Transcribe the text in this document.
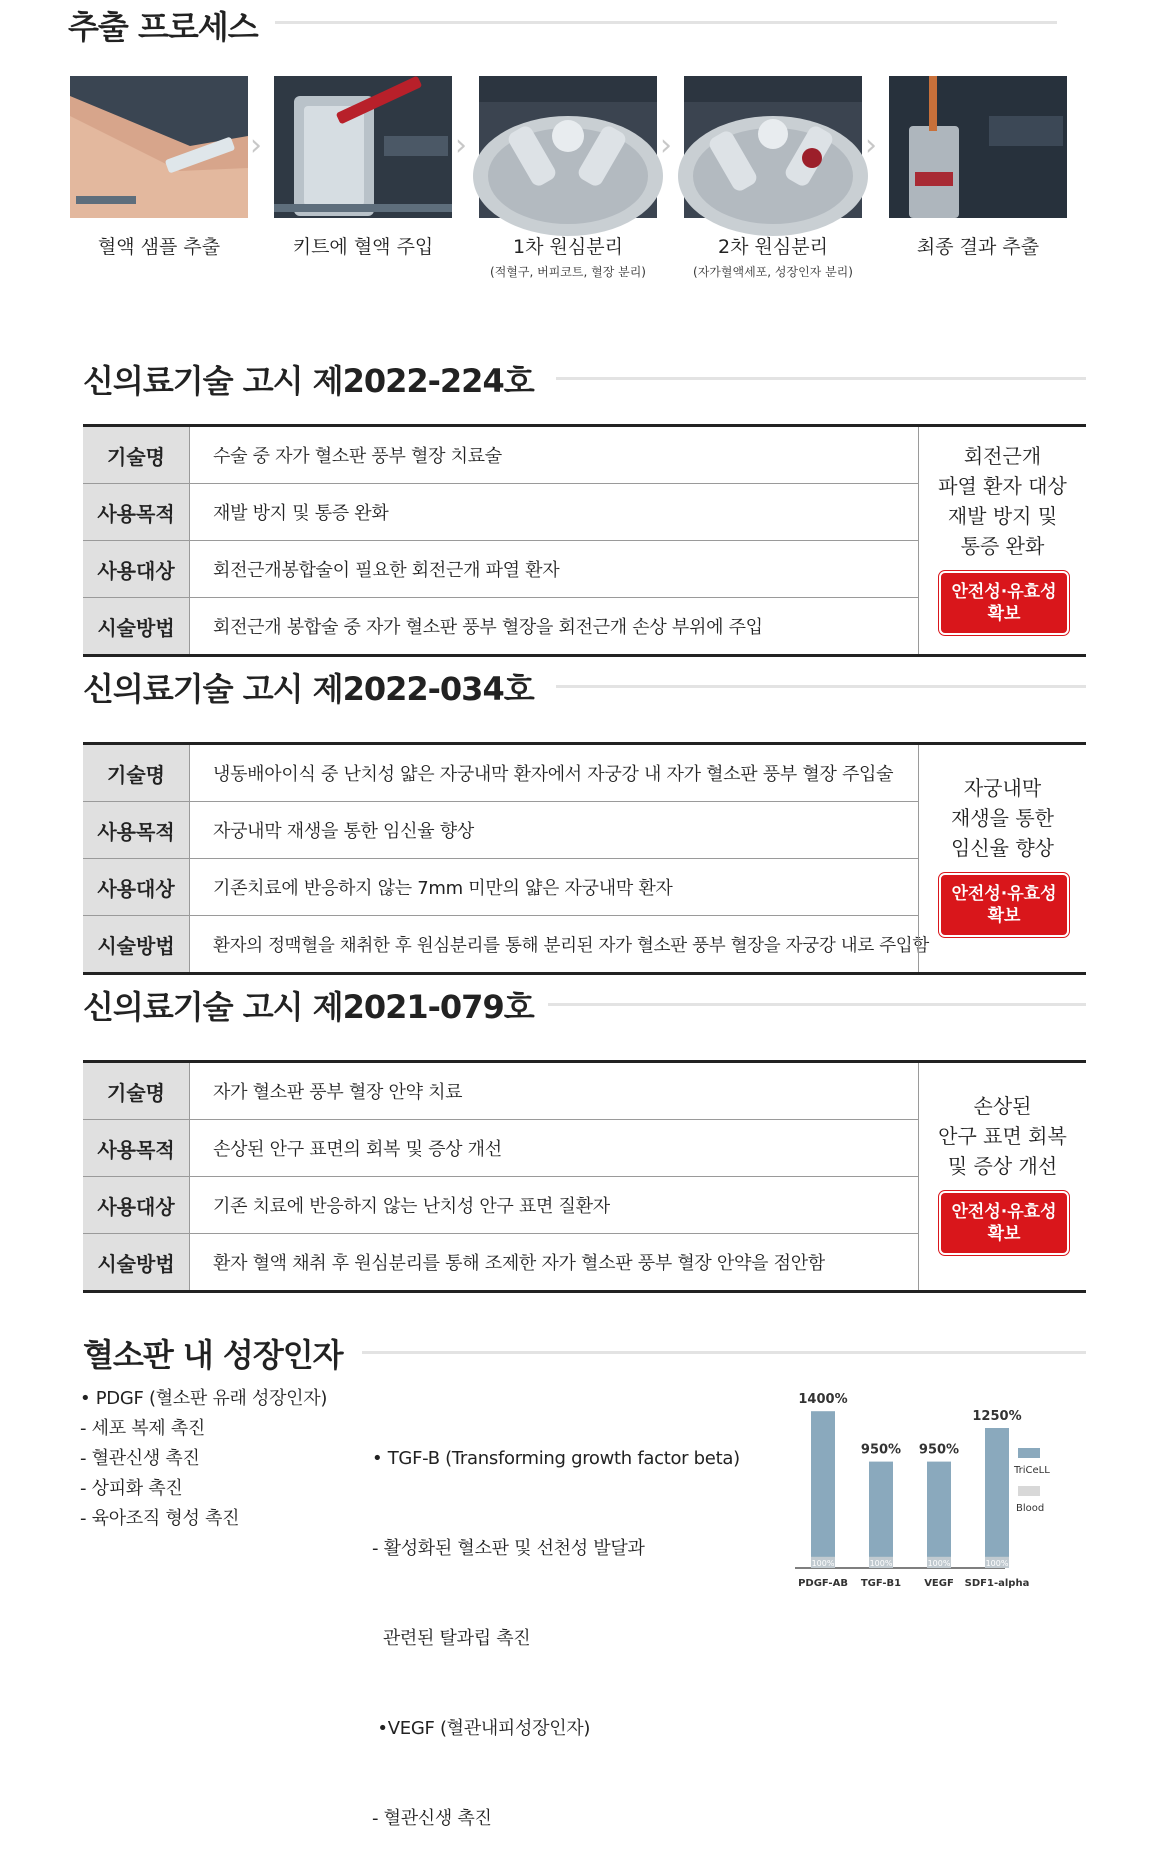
추출 프로세스
혈액 샘플 추출
›
키트에 혈액 주입
›
1차 원심분리
(적혈구, 버피코트, 혈장 분리)
›
2차 원심분리
(자가혈액세포, 성장인자 분리)
›
최종 결과 추출
신의료기술 고시 제2022-224호
기술명	수술 중 자가 혈소판 풍부 혈장 치료술
사용목적	재발 방지 및 통증 완화
사용대상	회전근개봉합술이 필요한 회전근개 파열 환자
시술방법	회전근개 봉합술 중 자가 혈소판 풍부 혈장을 회전근개 손상 부위에 주입
회전근개
파열 환자 대상
재발 방지 및
통증 완화
안전성·유효성
확보
신의료기술 고시 제2022-034호
기술명	냉동배아이식 중 난치성 얇은 자궁내막 환자에서 자궁강 내 자가 혈소판 풍부 혈장 주입술
사용목적	자궁내막 재생을 통한 임신율 향상
사용대상	기존치료에 반응하지 않는 7mm 미만의 얇은 자궁내막 환자
시술방법	환자의 정맥혈을 채취한 후 원심분리를 통해 분리된 자가 혈소판 풍부 혈장을 자궁강 내로 주입함
자궁내막
재생을 통한
임신율 향상
안전성·유효성
확보
신의료기술 고시 제2021-079호
기술명	자가 혈소판 풍부 혈장 안약 치료
사용목적	손상된 안구 표면의 회복 및 증상 개선
사용대상	기존 치료에 반응하지 않는 난치성 안구 표면 질환자
시술방법	환자 혈액 채취 후 원심분리를 통해 조제한 자가 혈소판 풍부 혈장 안약을 점안함
손상된
안구 표면 회복
및 증상 개선
안전성·유효성
확보
혈소판 내 성장인자
• PDGF (혈소판 유래 성장인자)
- 세포 복제 촉진
- 혈관신생 촉진
- 상피화 촉진
- 육아조직 형성 촉진

• TGF-B (Transforming growth factor beta)

- 활성화된 혈소판 및 선천성 발달과

관련된 탈과립 촉진

•VEGF (혈관내피성장인자)

- 혈관신생 촉진

1400%
100%
PDGF-AB
950%
100%
TGF-B1
950%
100%
VEGF
1250%
100%
SDF1-alpha
TriCeLL
Blood
